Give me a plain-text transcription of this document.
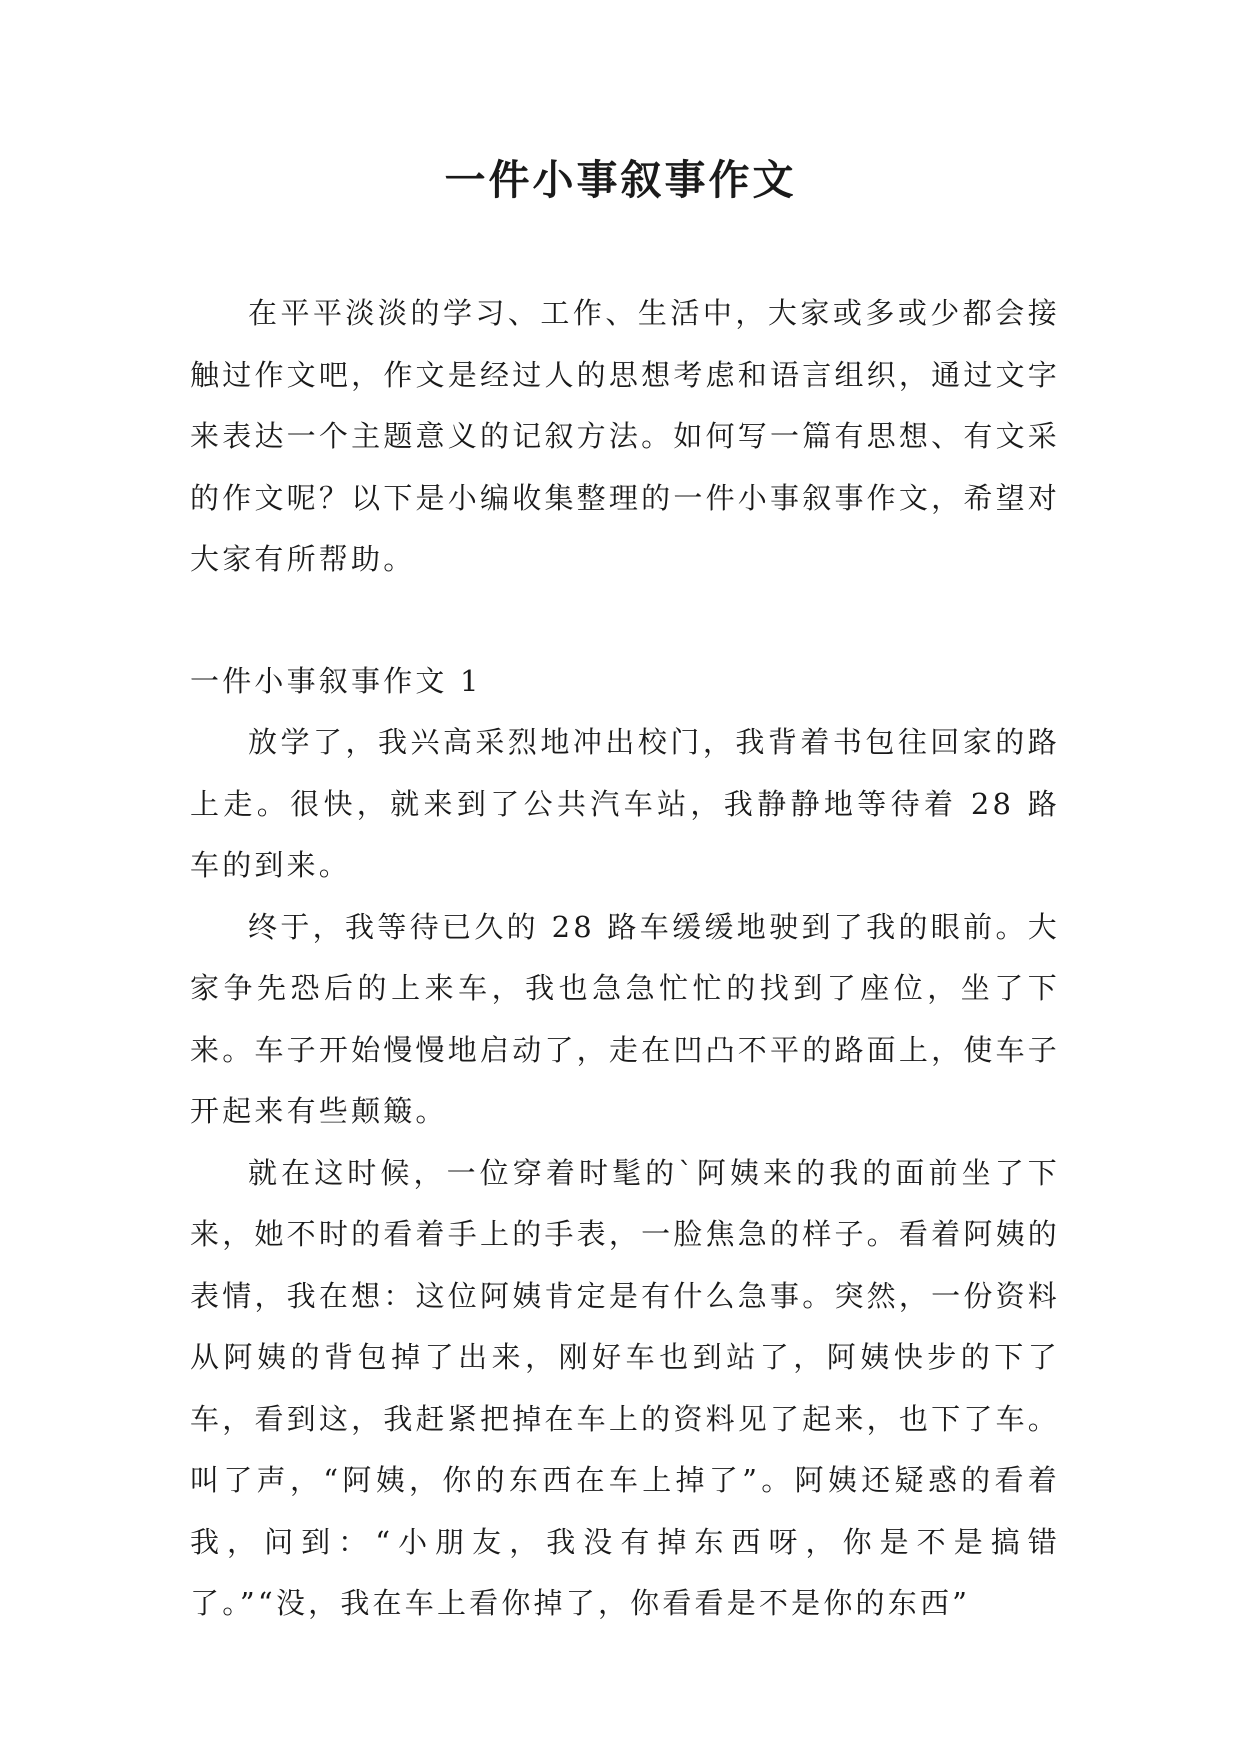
一件小事叙事作文

在平平淡淡的学习、工作、生活中，大家或多或少都会接触过作文吧，作文是经过人的思想考虑和语言组织，通过文字来表达一个主题意义的记叙方法。如何写一篇有思想、有文采的作文呢？以下是小编收集整理的一件小事叙事作文，希望对大家有所帮助。

一件小事叙事作文 1

放学了，我兴高采烈地冲出校门，我背着书包往回家的路上走。很快，就来到了公共汽车站，我静静地等待着 28 路车的到来。

终于，我等待已久的 28 路车缓缓地驶到了我的眼前。大家争先恐后的上来车，我也急急忙忙的找到了座位，坐了下来。车子开始慢慢地启动了，走在凹凸不平的路面上，使车子开起来有些颠簸。

就在这时候，一位穿着时髦的`阿姨来的我的面前坐了下来，她不时的看着手上的手表，一脸焦急的样子。看着阿姨的表情，我在想：这位阿姨肯定是有什么急事。突然，一份资料从阿姨的背包掉了出来，刚好车也到站了，阿姨快步的下了车，看到这，我赶紧把掉在车上的资料见了起来，也下了车。叫了声，“阿姨，你的东西在车上掉了”。阿姨还疑惑的看着我，问到：“小朋友，我没有掉东西呀，你是不是搞错了。”“没，我在车上看你掉了，你看看是不是你的东西”
